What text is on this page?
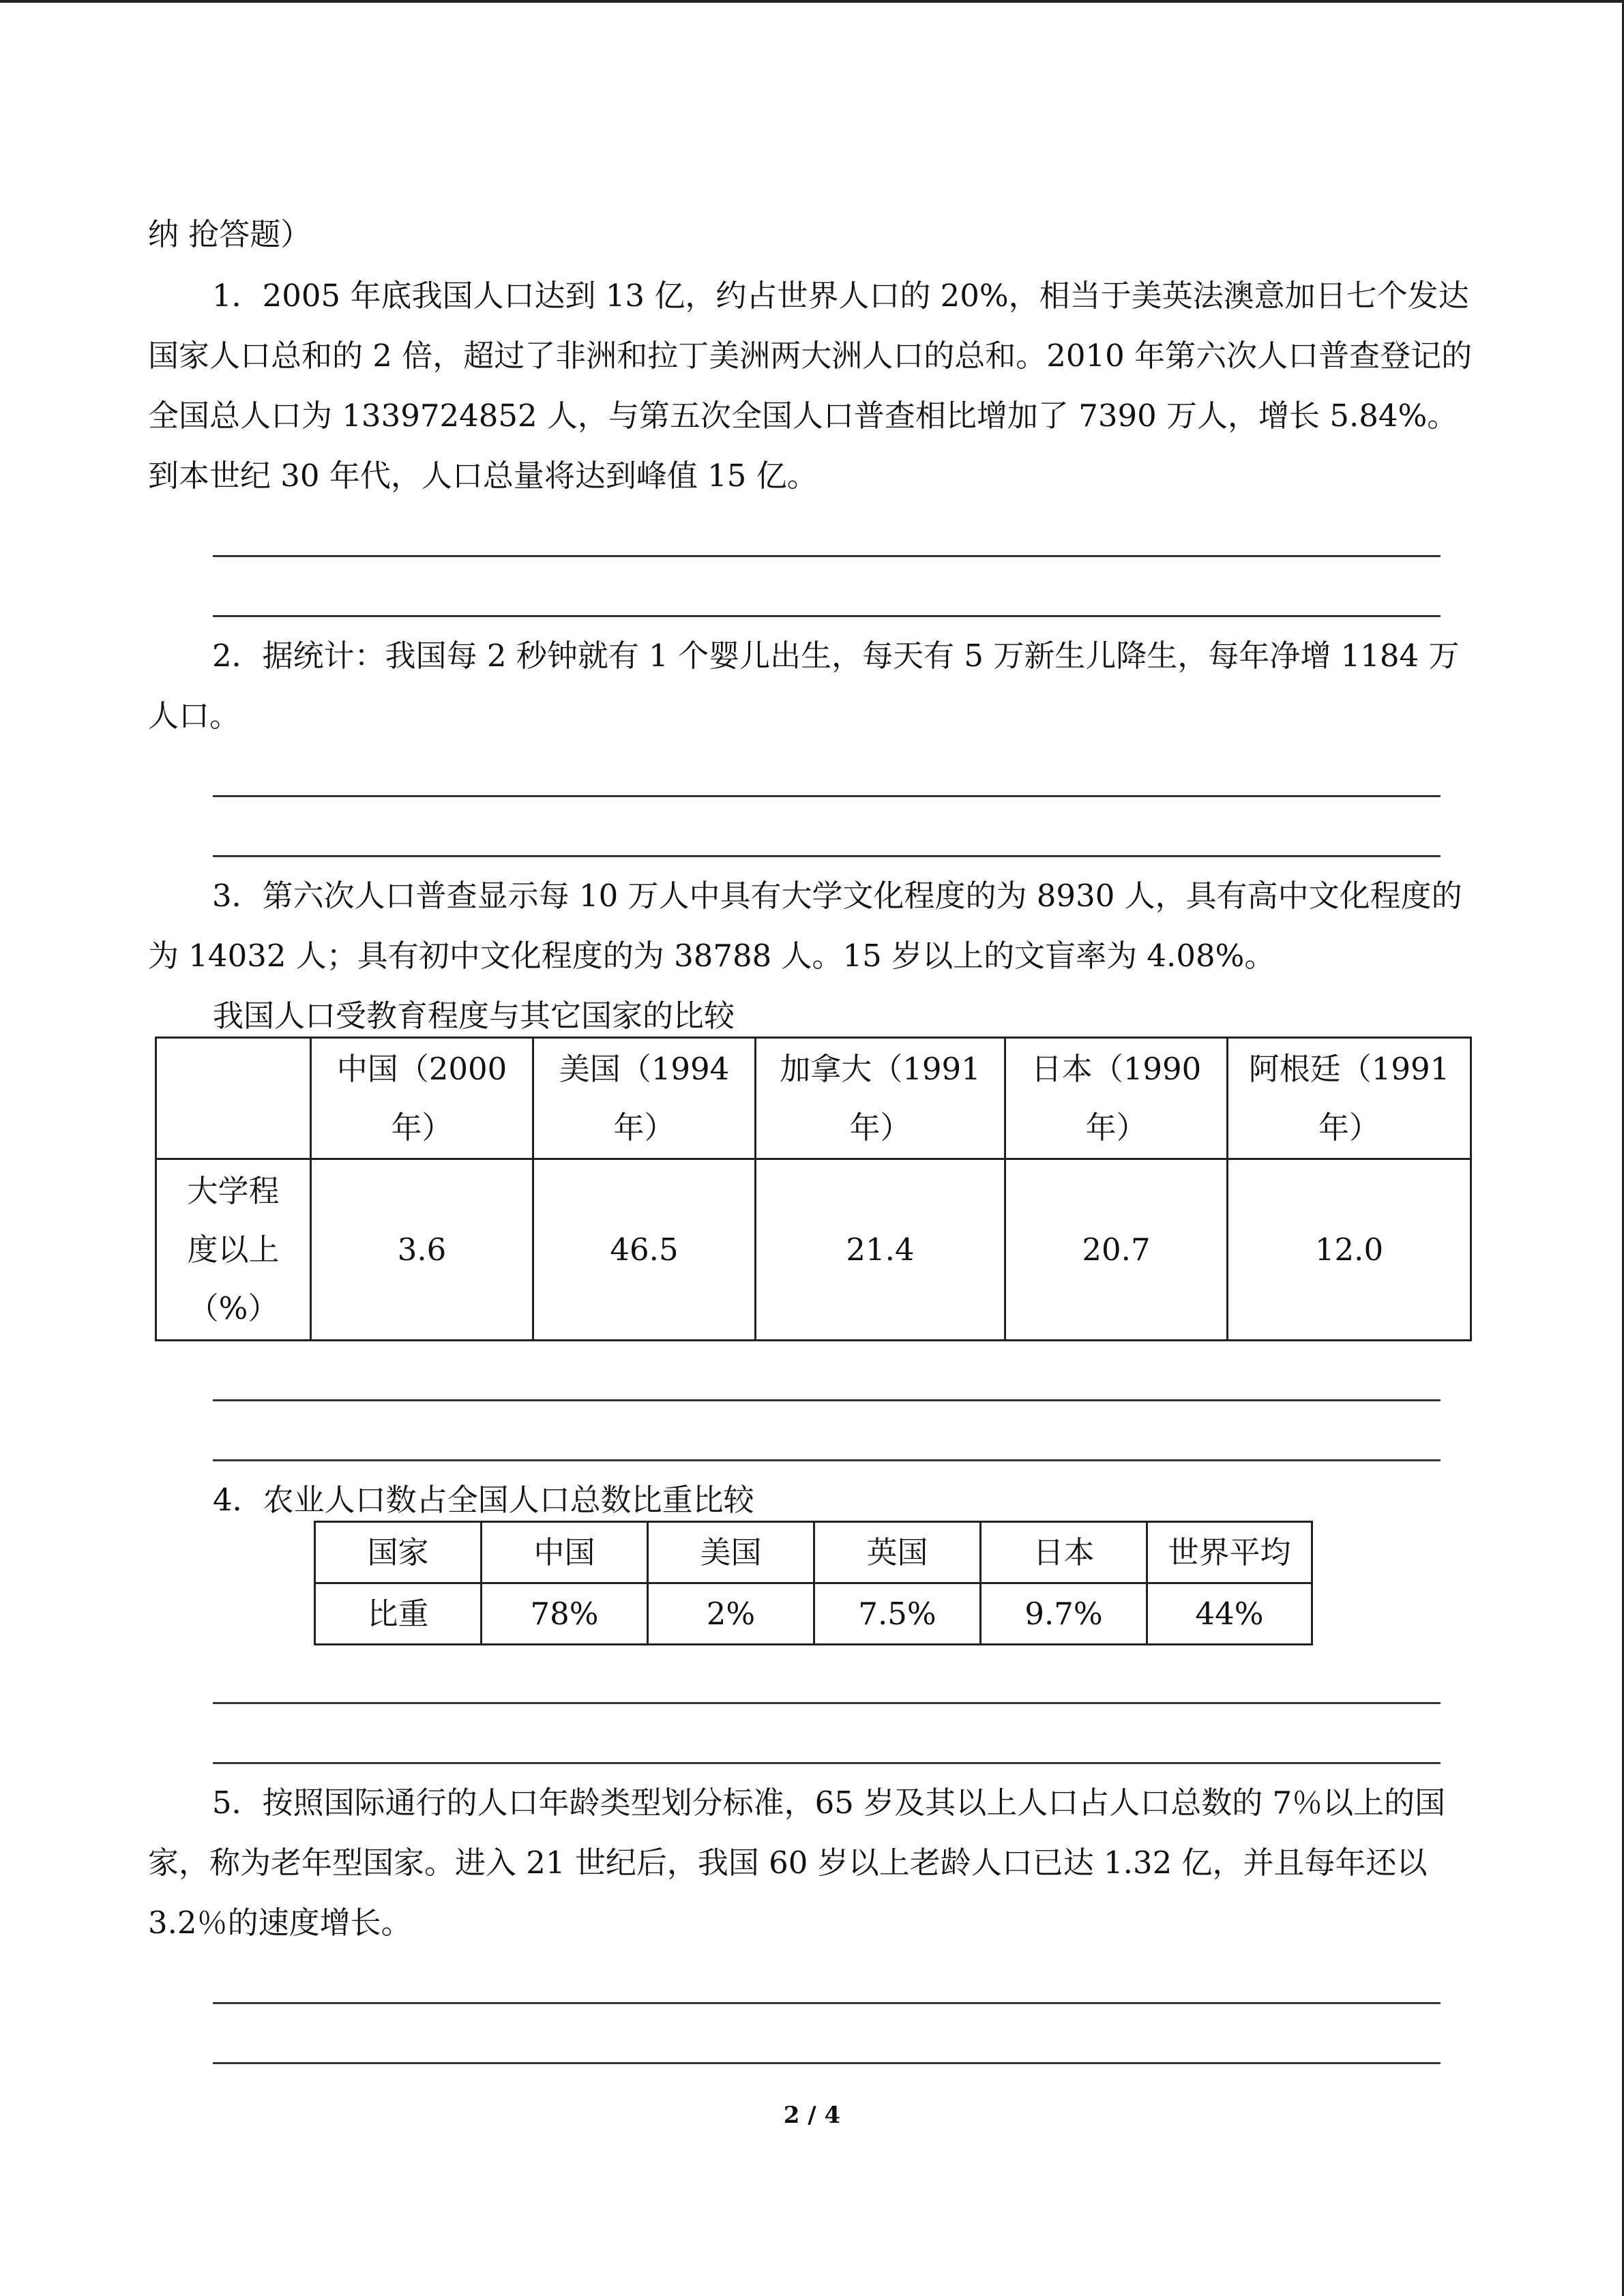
纳 抢答题）

1．2005 年底我国人口达到 13 亿，约占世界人口的 20%，相当于美英法澳意加日七个发达国家人口总和的 2 倍，超过了非洲和拉丁美洲两大洲人口的总和。2010 年第六次人口普查登记的全国总人口为 1339724852 人，与第五次全国人口普查相比增加了 7390 万人，增长 5.84%。到本世纪 30 年代，人口总量将达到峰值 15 亿。

2．据统计：我国每 2 秒钟就有 1 个婴儿出生，每天有 5 万新生儿降生，每年净增 1184 万人口。

3．第六次人口普查显示每 10 万人中具有大学文化程度的为 8930 人，具有高中文化程度的为 14032 人；具有初中文化程度的为 38788 人。15 岁以上的文盲率为 4.08%。

我国人口受教育程度与其它国家的比较
	中国（2000 年）	美国（1994 年）	加拿大（1991 年）	日本（1990 年）	阿根廷（1991 年）
大学程度以上（%）	3.6	46.5	21.4	20.7	12.0
4．农业人口数占全国人口总数比重比较
国家	中国	美国	英国	日本	世界平均
比重	78%	2%	7.5%	9.7%	44%

5．按照国际通行的人口年龄类型划分标准，65 岁及其以上人口占人口总数的 7％以上的国家，称为老年型国家。进入 21 世纪后，我国 60 岁以上老龄人口已达 1.32 亿，并且每年还以 3.2％的速度增长。

2 / 4
